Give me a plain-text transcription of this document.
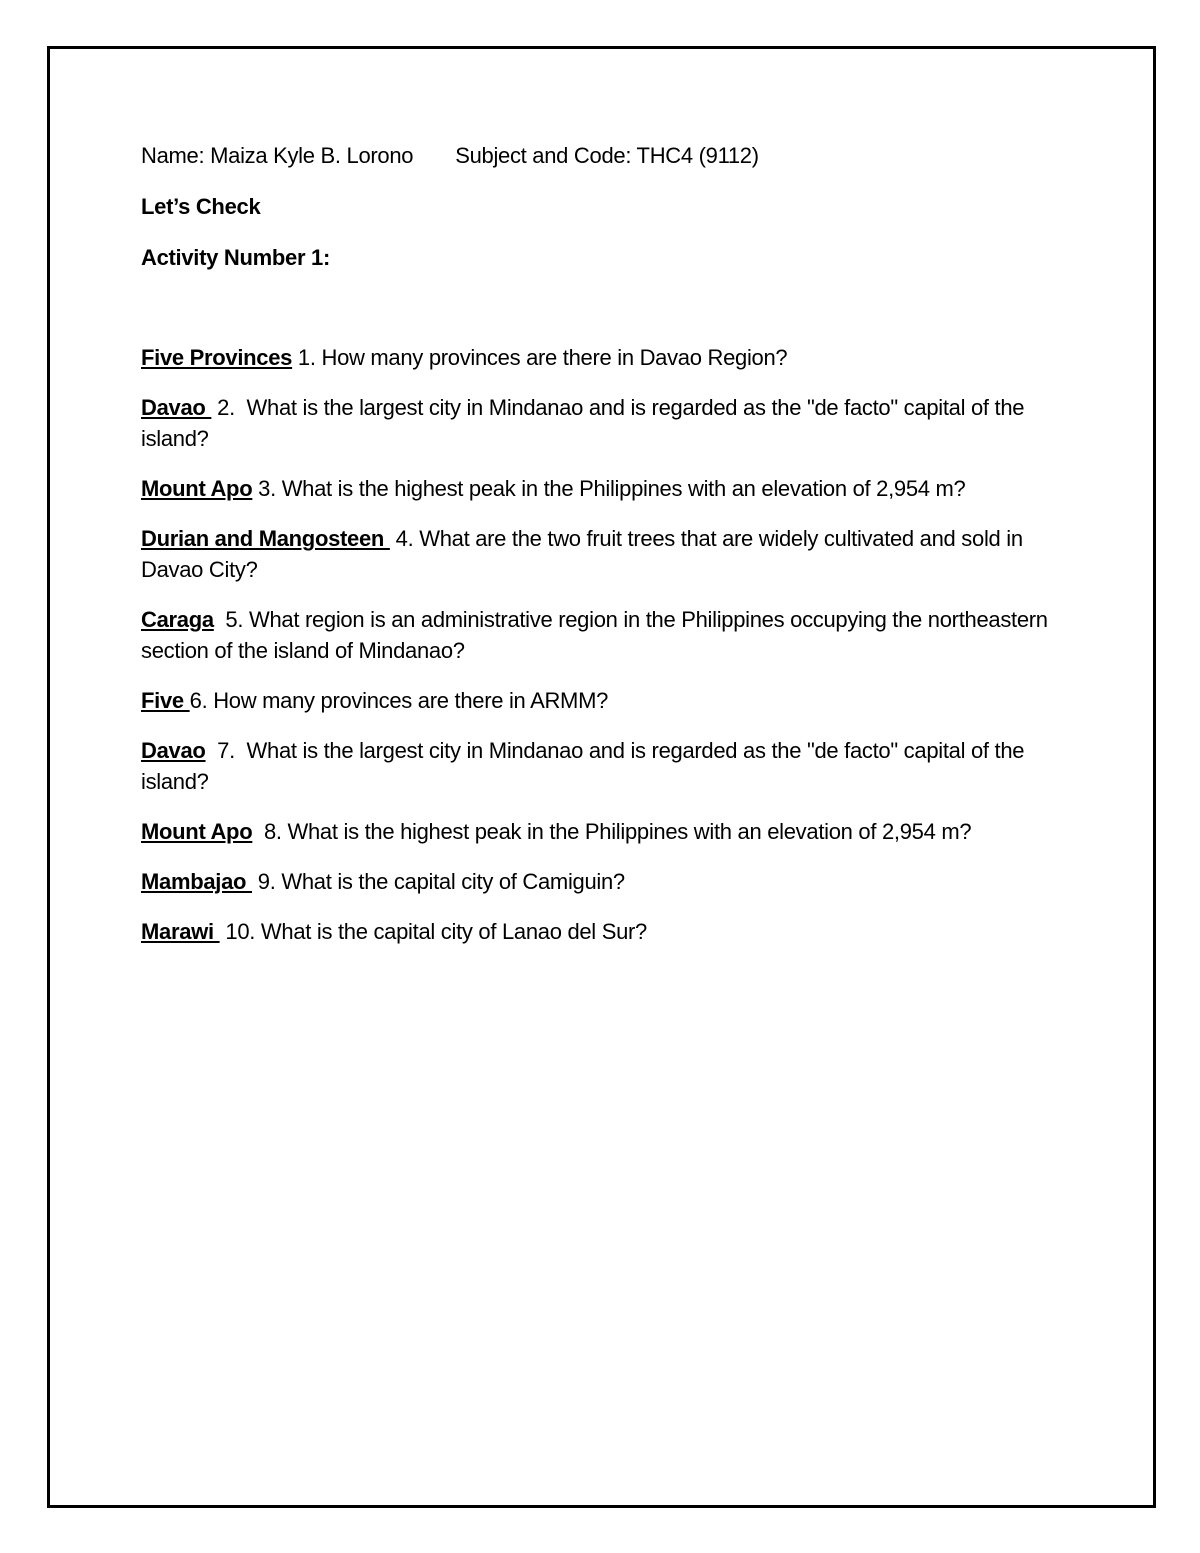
Name: Maiza Kyle B. Lorono Subject and Code: THC4 (9112)

Let’s Check

Activity Number 1:

Five Provinces 1. How many provinces are there in Davao Region?

Davao  2.  What is the largest city in Mindanao and is regarded as the "de facto" capital of the island?

Mount Apo 3. What is the highest peak in the Philippines with an elevation of 2,954 m?

Durian and Mangosteen  4. What are the two fruit trees that are widely cultivated and sold in Davao City?

Caraga  5. What region is an administrative region in the Philippines occupying the northeastern section of the island of Mindanao?

Five 6. How many provinces are there in ARMM?

Davao  7.  What is the largest city in Mindanao and is regarded as the "de facto" capital of the island?

Mount Apo  8. What is the highest peak in the Philippines with an elevation of 2,954 m?

Mambajao  9. What is the capital city of Camiguin?

Marawi  10. What is the capital city of Lanao del Sur?
